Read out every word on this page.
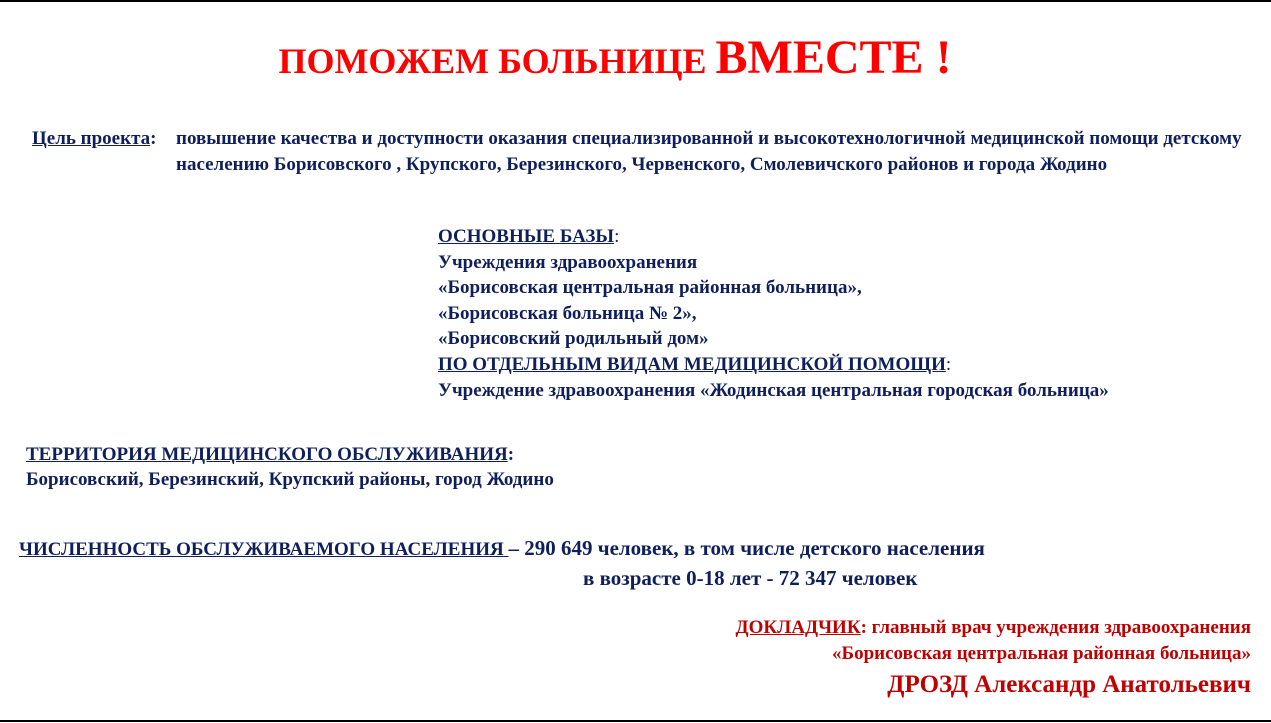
ПОМОЖЕМ БОЛЬНИЦЕ ВМЕСТЕ !
Цель проекта: повышение качества и доступности оказания специализированной и высокотехнологичной медицинской помощи детскому населению Борисовского , Крупского, Березинского, Червенского, Смолевичского районов и города Жодино
ОСНОВНЫЕ БАЗЫ:
Учреждения здравоохранения
«Борисовская центральная районная больница»,
«Борисовская больница № 2»,
«Борисовский родильный дом»
ПО ОТДЕЛЬНЫМ ВИДАМ МЕДИЦИНСКОЙ ПОМОЩИ:
Учреждение здравоохранения «Жодинская центральная городская больница»
ТЕРРИТОРИЯ МЕДИЦИНСКОГО ОБСЛУЖИВАНИЯ:
Борисовский, Березинский, Крупский районы, город Жодино
ЧИСЛЕННОСТЬ ОБСЛУЖИВАЕМОГО НАСЕЛЕНИЯ – 290 649 человек, в том числе детского населения
в возрасте 0-18 лет - 72 347 человек
ДОКЛАДЧИК: главный врач учреждения здравоохранения
«Борисовская центральная районная больница»
ДРОЗД Александр Анатольевич
